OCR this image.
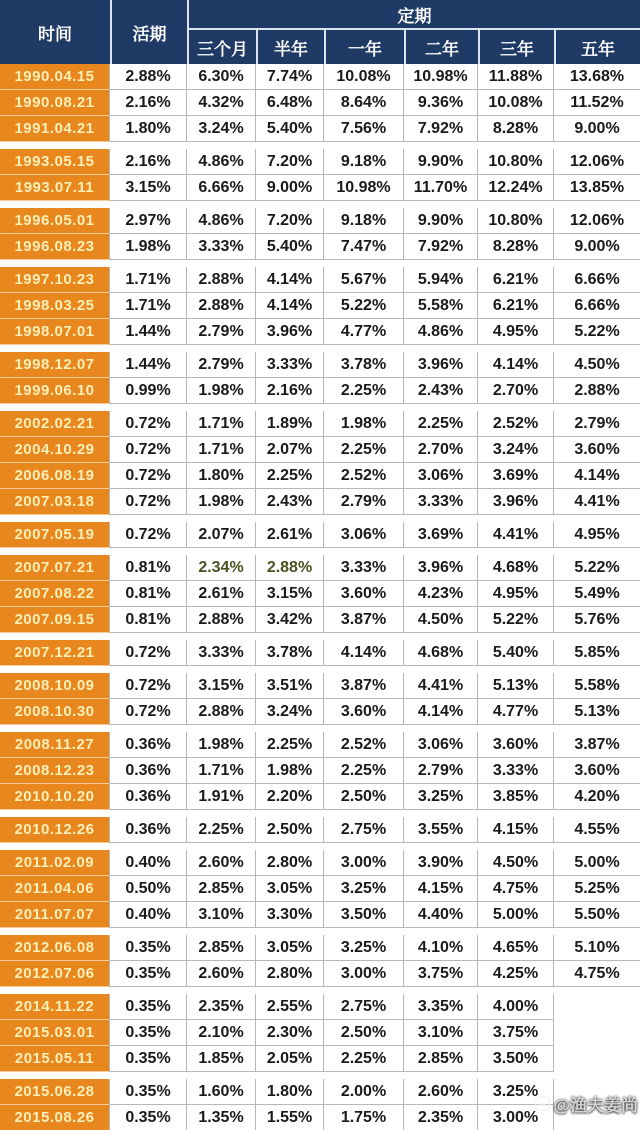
时间	活期
定期
三个月	半年	一年	二年	三年	五年
1990.04.15	2.88%	6.30%	7.74%	10.08%	10.98%	11.88%	13.68%
1990.08.21	2.16%	4.32%	6.48%	8.64%	9.36%	10.08%	11.52%
1991.04.21	1.80%	3.24%	5.40%	7.56%	7.92%	8.28%	9.00%
1993.05.15	2.16%	4.86%	7.20%	9.18%	9.90%	10.80%	12.06%
1993.07.11	3.15%	6.66%	9.00%	10.98%	11.70%	12.24%	13.85%
1996.05.01	2.97%	4.86%	7.20%	9.18%	9.90%	10.80%	12.06%
1996.08.23	1.98%	3.33%	5.40%	7.47%	7.92%	8.28%	9.00%
1997.10.23	1.71%	2.88%	4.14%	5.67%	5.94%	6.21%	6.66%
1998.03.25	1.71%	2.88%	4.14%	5.22%	5.58%	6.21%	6.66%
1998.07.01	1.44%	2.79%	3.96%	4.77%	4.86%	4.95%	5.22%
1998.12.07	1.44%	2.79%	3.33%	3.78%	3.96%	4.14%	4.50%
1999.06.10	0.99%	1.98%	2.16%	2.25%	2.43%	2.70%	2.88%
2002.02.21	0.72%	1.71%	1.89%	1.98%	2.25%	2.52%	2.79%
2004.10.29	0.72%	1.71%	2.07%	2.25%	2.70%	3.24%	3.60%
2006.08.19	0.72%	1.80%	2.25%	2.52%	3.06%	3.69%	4.14%
2007.03.18	0.72%	1.98%	2.43%	2.79%	3.33%	3.96%	4.41%
2007.05.19	0.72%	2.07%	2.61%	3.06%	3.69%	4.41%	4.95%
2007.07.21	0.81%	2.34%	2.88%	3.33%	3.96%	4.68%	5.22%
2007.08.22	0.81%	2.61%	3.15%	3.60%	4.23%	4.95%	5.49%
2007.09.15	0.81%	2.88%	3.42%	3.87%	4.50%	5.22%	5.76%
2007.12.21	0.72%	3.33%	3.78%	4.14%	4.68%	5.40%	5.85%
2008.10.09	0.72%	3.15%	3.51%	3.87%	4.41%	5.13%	5.58%
2008.10.30	0.72%	2.88%	3.24%	3.60%	4.14%	4.77%	5.13%
2008.11.27	0.36%	1.98%	2.25%	2.52%	3.06%	3.60%	3.87%
2008.12.23	0.36%	1.71%	1.98%	2.25%	2.79%	3.33%	3.60%
2010.10.20	0.36%	1.91%	2.20%	2.50%	3.25%	3.85%	4.20%
2010.12.26	0.36%	2.25%	2.50%	2.75%	3.55%	4.15%	4.55%
2011.02.09	0.40%	2.60%	2.80%	3.00%	3.90%	4.50%	5.00%
2011.04.06	0.50%	2.85%	3.05%	3.25%	4.15%	4.75%	5.25%
2011.07.07	0.40%	3.10%	3.30%	3.50%	4.40%	5.00%	5.50%
2012.06.08	0.35%	2.85%	3.05%	3.25%	4.10%	4.65%	5.10%
2012.07.06	0.35%	2.60%	2.80%	3.00%	3.75%	4.25%	4.75%
2014.11.22	0.35%	2.35%	2.55%	2.75%	3.35%	4.00%
2015.03.01	0.35%	2.10%	2.30%	2.50%	3.10%	3.75%
2015.05.11	0.35%	1.85%	2.05%	2.25%	2.85%	3.50%
2015.06.28	0.35%	1.60%	1.80%	2.00%	2.60%	3.25%
2015.08.26	0.35%	1.35%	1.55%	1.75%	2.35%	3.00%
@渔夫姜尚
